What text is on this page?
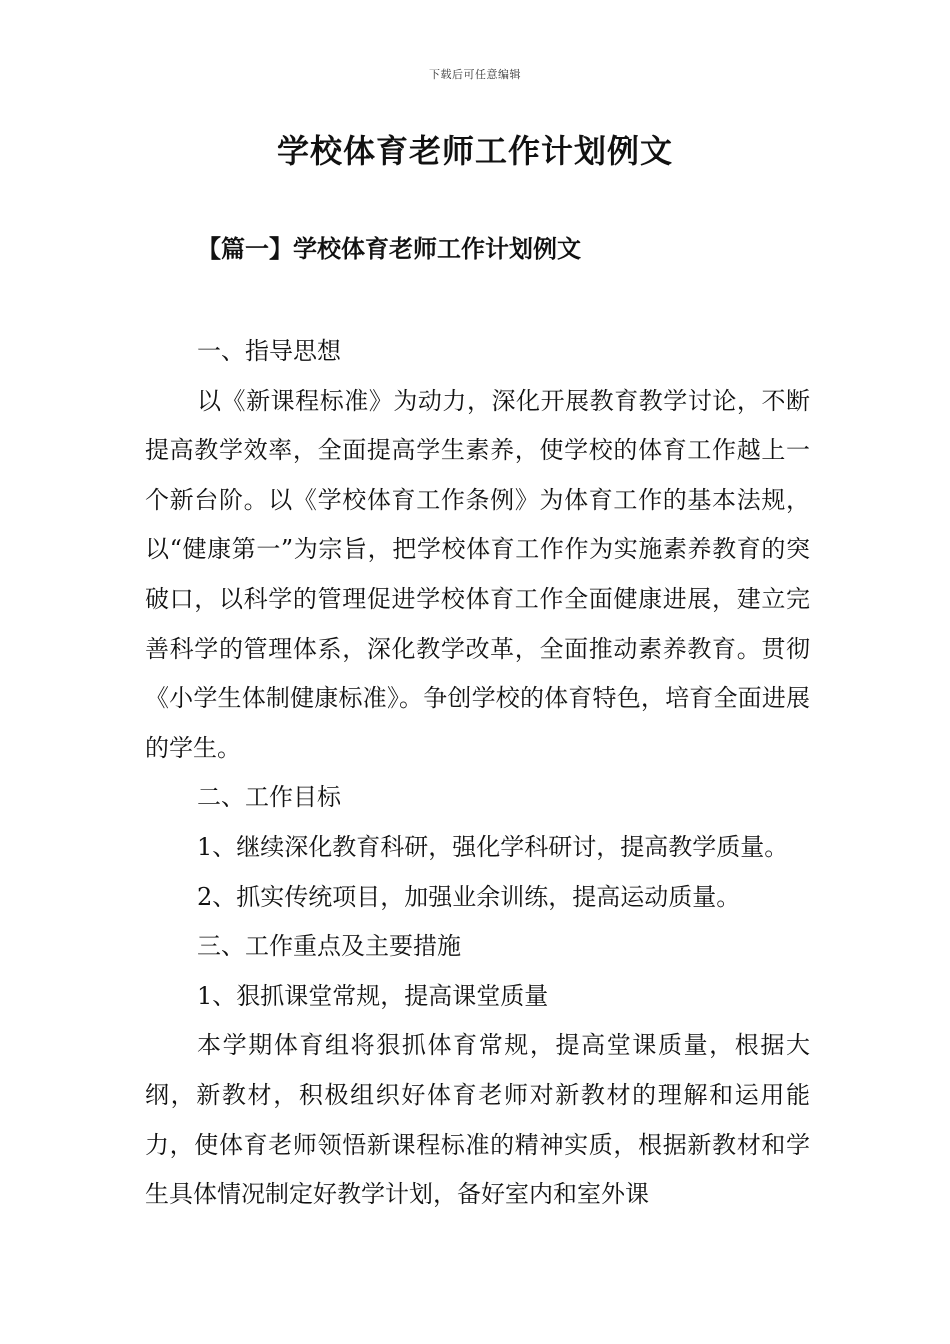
下载后可任意编辑
学校体育老师工作计划例文
【篇一】学校体育老师工作计划例文

一、指导思想

以《新课程标准》为动力，深化开展教育教学讨论，不断提高教学效率，全面提高学生素养，使学校的体育工作越上一个新台阶。以《学校体育工作条例》为体育工作的基本法规，以“健康第一”为宗旨，把学校体育工作作为实施素养教育的突破口，以科学的管理促进学校体育工作全面健康进展，建立完善科学的管理体系，深化教学改革，全面推动素养教育。贯彻《小学生体制健康标准》。争创学校的体育特色，培育全面进展的学生。

二、工作目标

1、继续深化教育科研，强化学科研讨，提高教学质量。

2、抓实传统项目，加强业余训练，提高运动质量。

三、工作重点及主要措施

1、狠抓课堂常规，提高课堂质量

本学期体育组将狠抓体育常规，提高堂课质量，根据大纲，新教材，积极组织好体育老师对新教材的理解和运用能力，使体育老师领悟新课程标准的精神实质，根据新教材和学生具体情况制定好教学计划，备好室内和室外课
